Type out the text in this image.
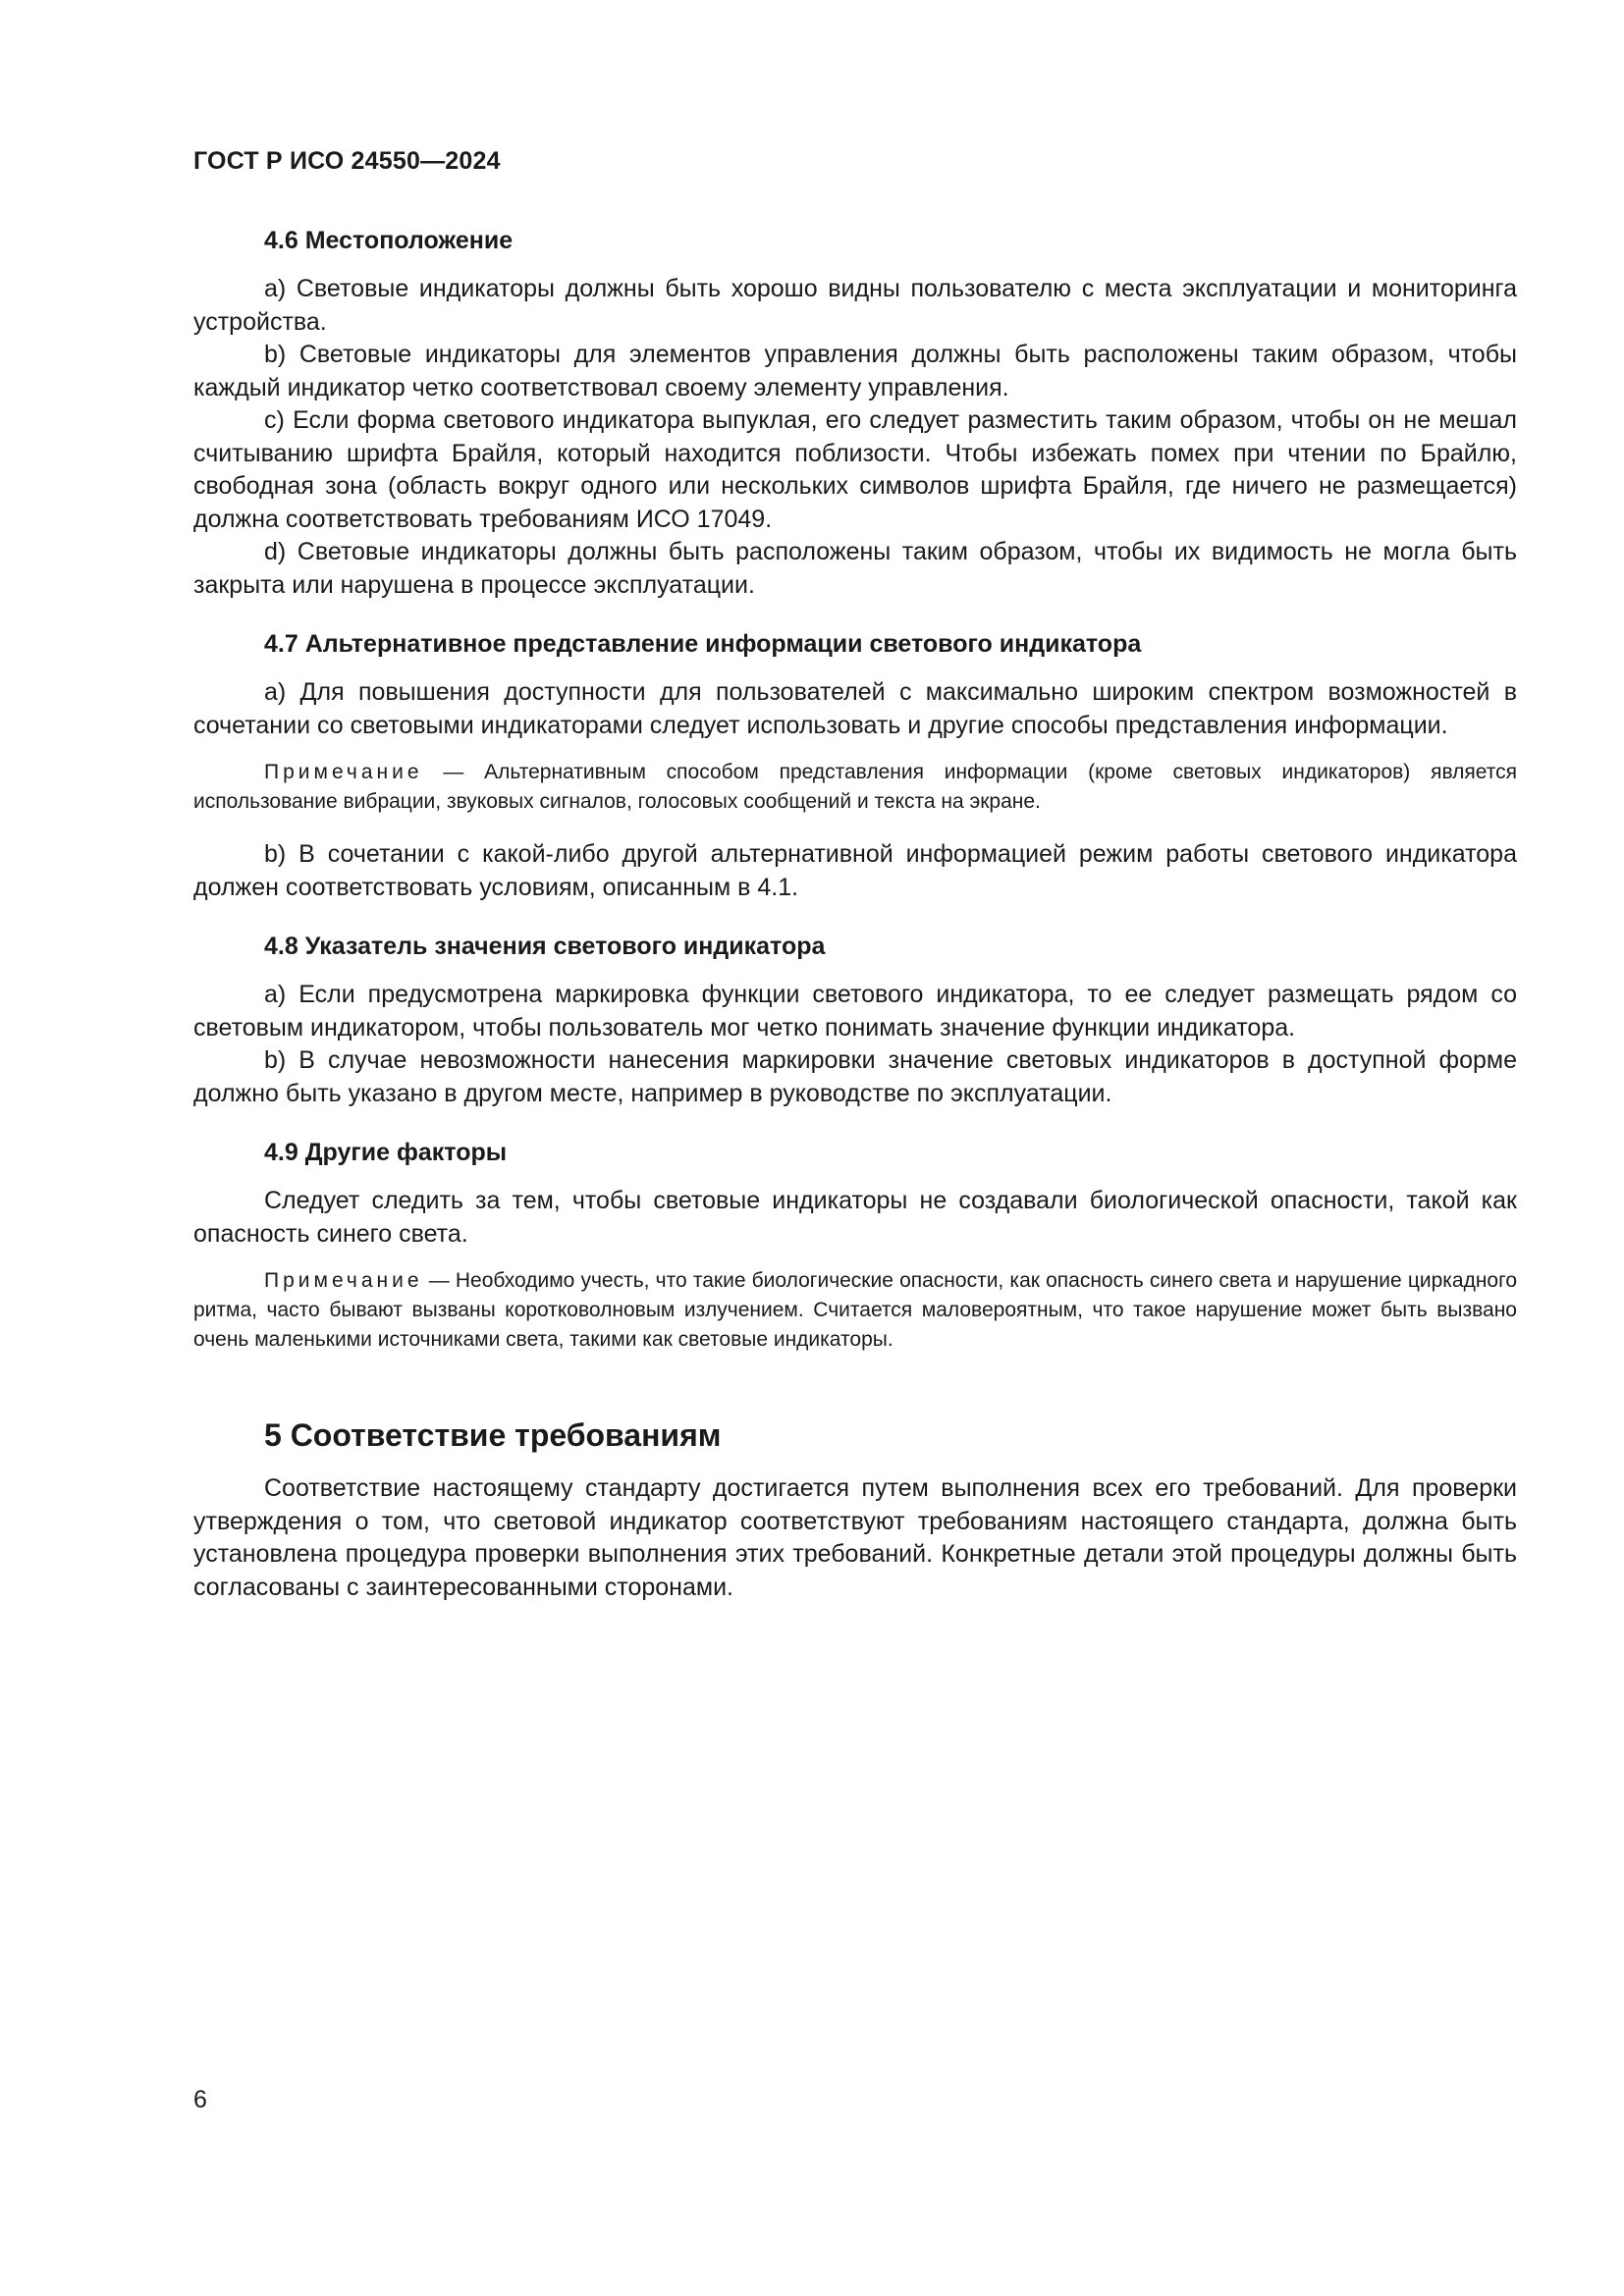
ГОСТ Р ИСО 24550—2024
4.6 Местоположение

a) Световые индикаторы должны быть хорошо видны пользователю с места эксплуатации и мониторинга устройства.

b) Световые индикаторы для элементов управления должны быть расположены таким образом, чтобы каждый индикатор четко соответствовал своему элементу управления.

c) Если форма светового индикатора выпуклая, его следует разместить таким образом, чтобы он не мешал считыванию шрифта Брайля, который находится поблизости. Чтобы избежать помех при чтении по Брайлю, свободная зона (область вокруг одного или нескольких символов шрифта Брайля, где ничего не размещается) должна соответствовать требованиям ИСО 17049.

d) Световые индикаторы должны быть расположены таким образом, чтобы их видимость не могла быть закрыта или нарушена в процессе эксплуатации.

4.7 Альтернативное представление информации светового индикатора

a) Для повышения доступности для пользователей с максимально широким спектром возможностей в сочетании со световыми индикаторами следует использовать и другие способы представления информации.

Примечание — Альтернативным способом представления информации (кроме световых индикаторов) является использование вибрации, звуковых сигналов, голосовых сообщений и текста на экране.

b) В сочетании с какой-либо другой альтернативной информацией режим работы светового индикатора должен соответствовать условиям, описанным в 4.1.

4.8 Указатель значения светового индикатора

a) Если предусмотрена маркировка функции светового индикатора, то ее следует размещать рядом со световым индикатором, чтобы пользователь мог четко понимать значение функции индикатора.

b) В случае невозможности нанесения маркировки значение световых индикаторов в доступной форме должно быть указано в другом месте, например в руководстве по эксплуатации.

4.9 Другие факторы

Следует следить за тем, чтобы световые индикаторы не создавали биологической опасности, такой как опасность синего света.

Примечание — Необходимо учесть, что такие биологические опасности, как опасность синего света и нарушение циркадного ритма, часто бывают вызваны коротковолновым излучением. Считается маловероятным, что такое нарушение может быть вызвано очень маленькими источниками света, такими как световые индикаторы.

5 Соответствие требованиям

Соответствие настоящему стандарту достигается путем выполнения всех его требований. Для проверки утверждения о том, что световой индикатор соответствуют требованиям настоящего стандарта, должна быть установлена процедура проверки выполнения этих требований. Конкретные детали этой процедуры должны быть согласованы с заинтересованными сторонами.

6
